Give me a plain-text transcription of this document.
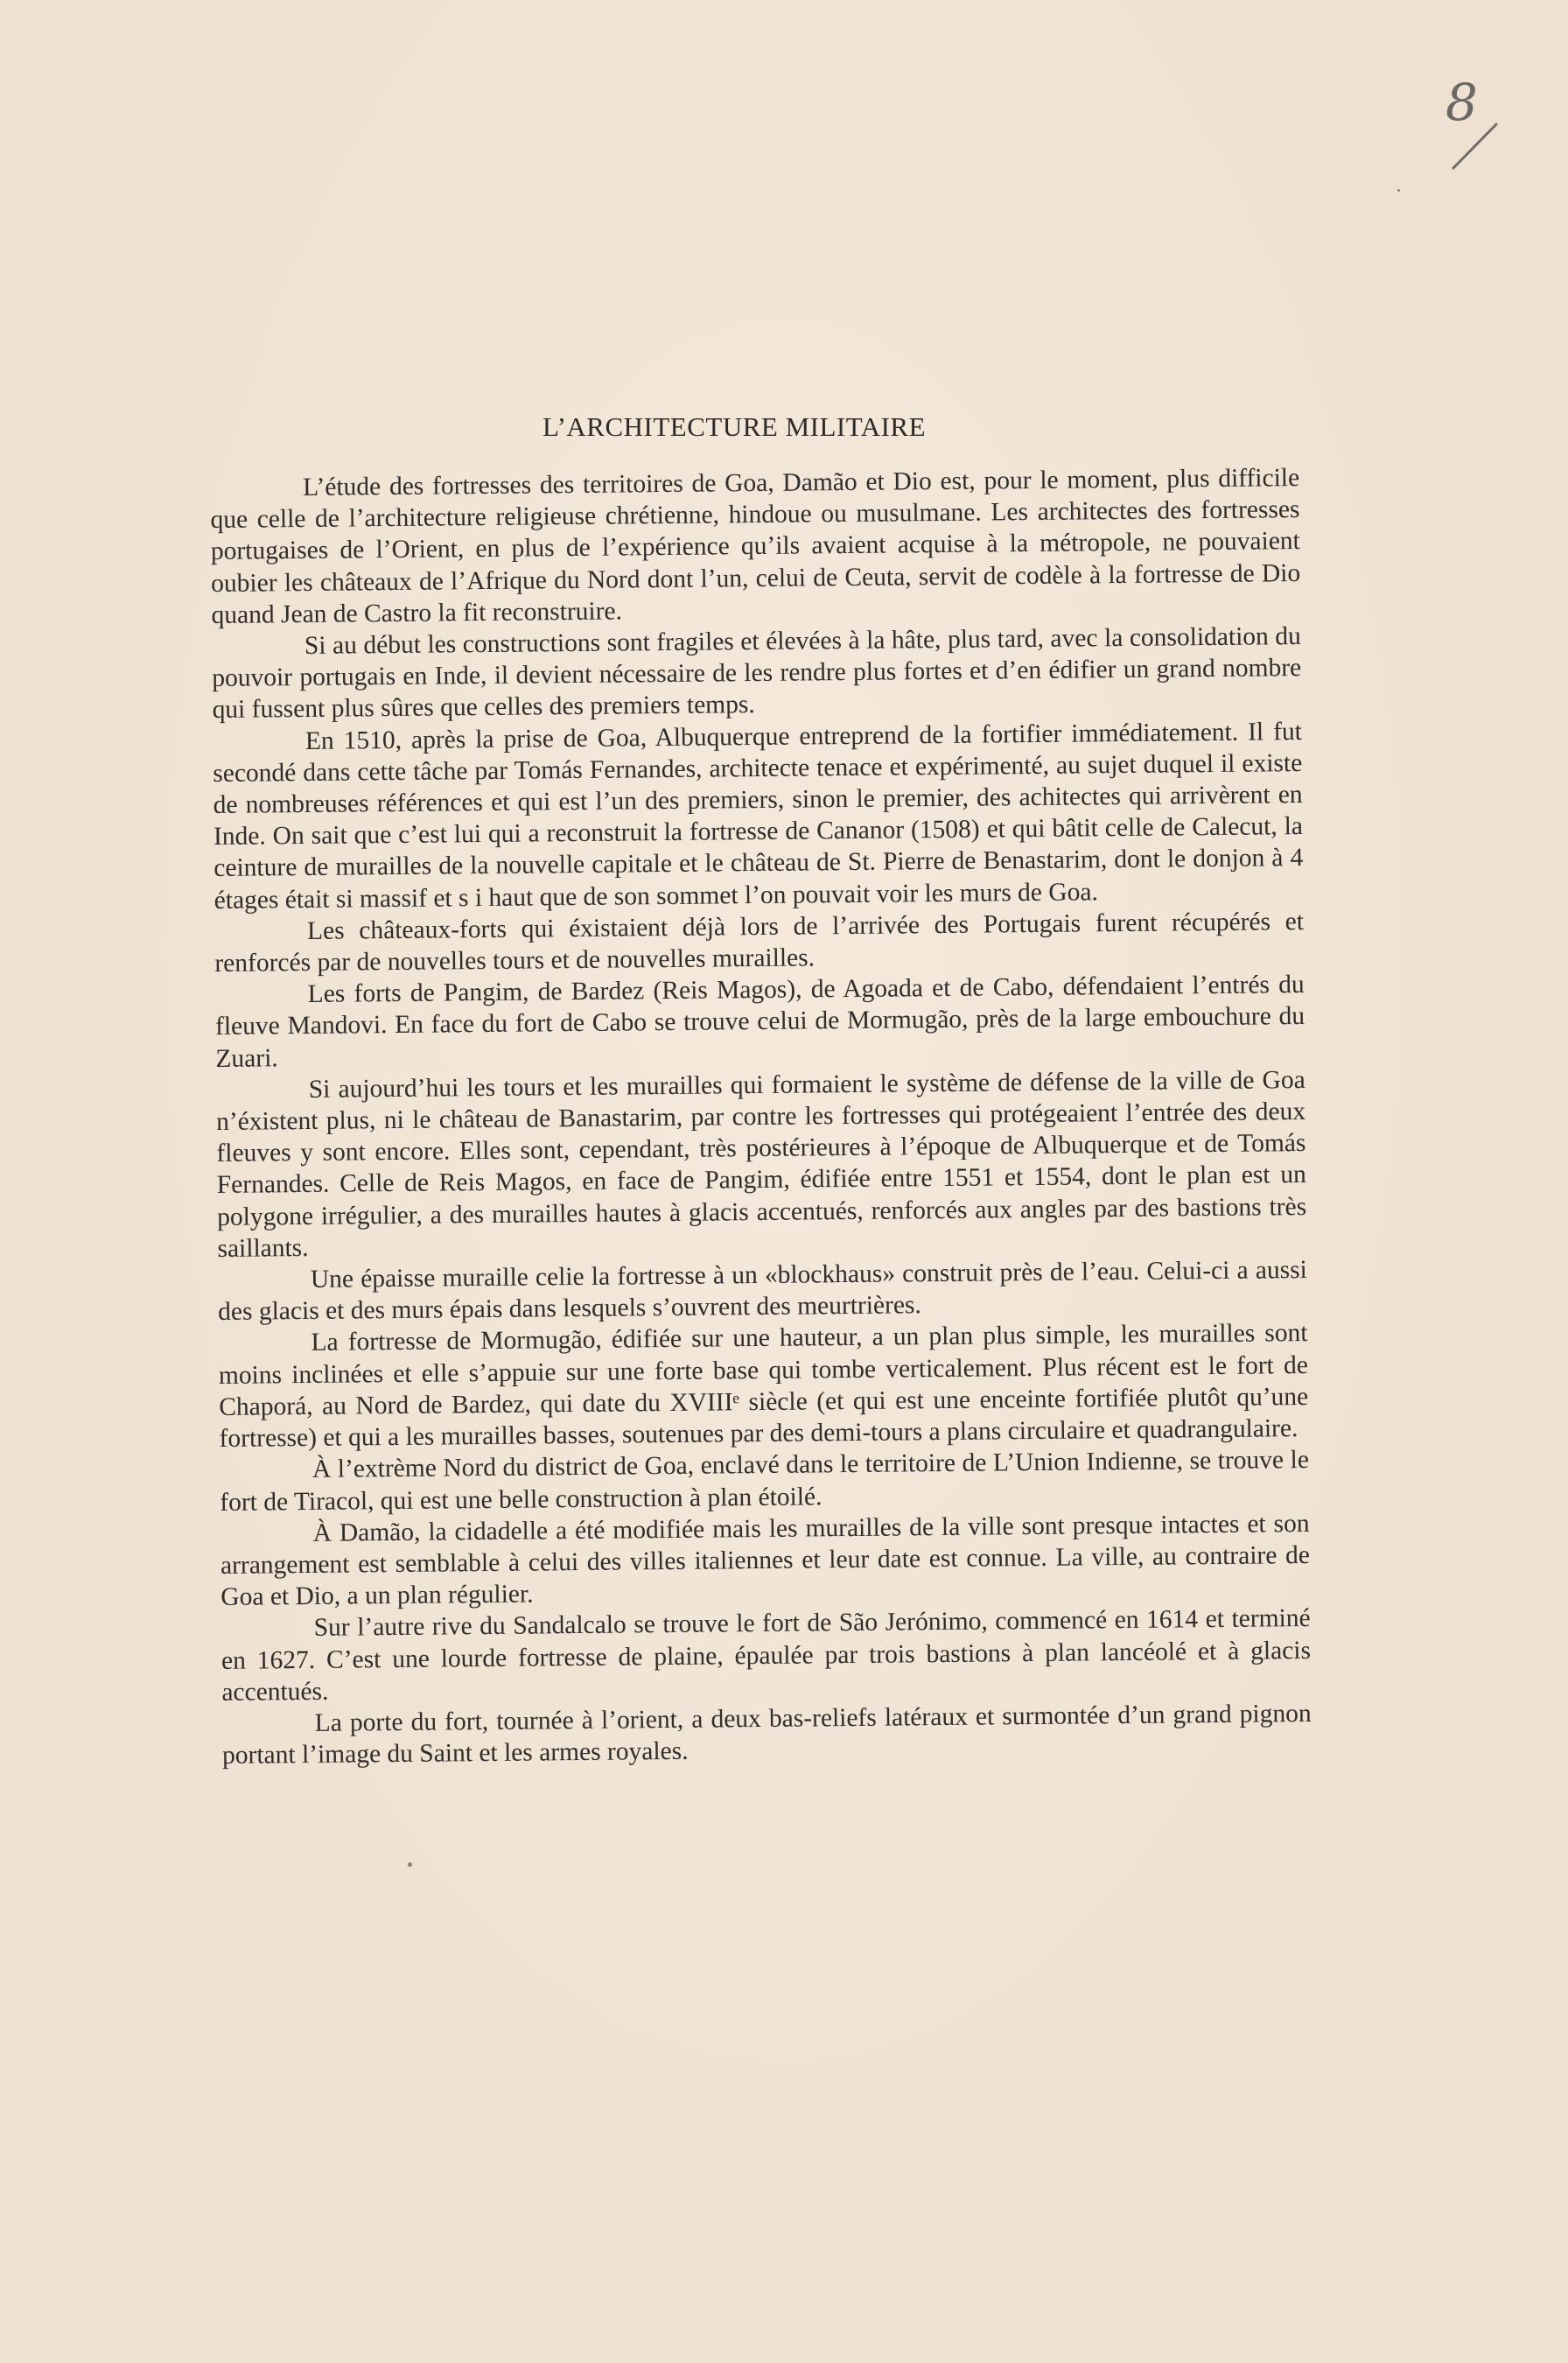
8
L’ARCHITECTURE MILITAIRE

L’étude des fortresses des territoires de Goa, Damão et Dio est, pour le moment, plus difficile que celle de l’architecture religieuse chrétienne, hindoue ou musulmane. Les architectes des fortresses portugaises de l’Orient, en plus de l’expérience qu’ils avaient acquise à la métropole, ne pouvaient oubier les châteaux de l’Afrique du Nord dont l’un, celui de Ceuta, servit de codèle à la fortresse de Dio quand Jean de Castro la fit reconstruire.

Si au début les constructions sont fragiles et élevées à la hâte, plus tard, avec la consolidation du pouvoir portugais en Inde, il devient nécessaire de les rendre plus fortes et d’en édifier un grand nombre qui fussent plus sûres que celles des premiers temps.

En 1510, après la prise de Goa, Albuquerque entreprend de la fortifier immédiatement. Il fut secondé dans cette tâche par Tomás Fernandes, architecte tenace et expérimenté, au sujet duquel il existe de nombreuses références et qui est l’un des premiers, sinon le premier, des achitectes qui arrivèrent en Inde. On sait que c’est lui qui a reconstruit la fortresse de Cananor (1508) et qui bâtit celle de Calecut, la ceinture de murailles de la nouvelle capitale et le château de St. Pierre de Benastarim, dont le donjon à 4 étages était si massif et s i haut que de son sommet l’on pouvait voir les murs de Goa.

Les châteaux-forts qui éxistaient déjà lors de l’arrivée des Portugais furent récupérés et renforcés par de nouvelles tours et de nouvelles murailles.

Les forts de Pangim, de Bardez (Reis Magos), de Agoada et de Cabo, défendaient l’entrés du fleuve Mandovi. En face du fort de Cabo se trouve celui de Mormugão, près de la large embouchure du Zuari.

Si aujourd’hui les tours et les murailles qui formaient le système de défense de la ville de Goa n’éxistent plus, ni le château de Banastarim, par contre les fortresses qui protégeaient l’entrée des deux fleuves y sont encore. Elles sont, cependant, très postérieures à l’époque de Albuquerque et de Tomás Fernandes. Celle de Reis Magos, en face de Pangim, édifiée entre 1551 et 1554, dont le plan est un polygone irrégulier, a des murailles hautes à glacis accentués, renforcés aux angles par des bastions très saillants.

Une épaisse muraille celie la fortresse à un «blockhaus» construit près de l’eau. Celui-ci a aussi des glacis et des murs épais dans lesquels s’ouvrent des meurtrières.

La fortresse de Mormugão, édifiée sur une hauteur, a un plan plus simple, les murailles sont moins inclinées et elle s’appuie sur une forte base qui tombe verticalement. Plus récent est le fort de Chaporá, au Nord de Bardez, qui date du XVIIIᵉ siècle (et qui est une enceinte fortifiée plutôt qu’une fortresse) et qui a les murailles basses, soutenues par des demi-tours a plans circulaire et quadrangulaire.

À l’extrème Nord du district de Goa, enclavé dans le territoire de L’Union Indienne, se trouve le fort de Tiracol, qui est une belle construction à plan étoilé.

À Damão, la cidadelle a été modifiée mais les murailles de la ville sont presque intactes et son arrangement est semblable à celui des villes italiennes et leur date est connue. La ville, au contraire de Goa et Dio, a un plan régulier.

Sur l’autre rive du Sandalcalo se trouve le fort de São Jerónimo, commencé en 1614 et terminé en 1627. C’est une lourde fortresse de plaine, épaulée par trois bastions à plan lancéolé et à glacis accentués.

La porte du fort, tournée à l’orient, a deux bas-reliefs latéraux et surmontée d’un grand pignon portant l’image du Saint et les armes royales.
